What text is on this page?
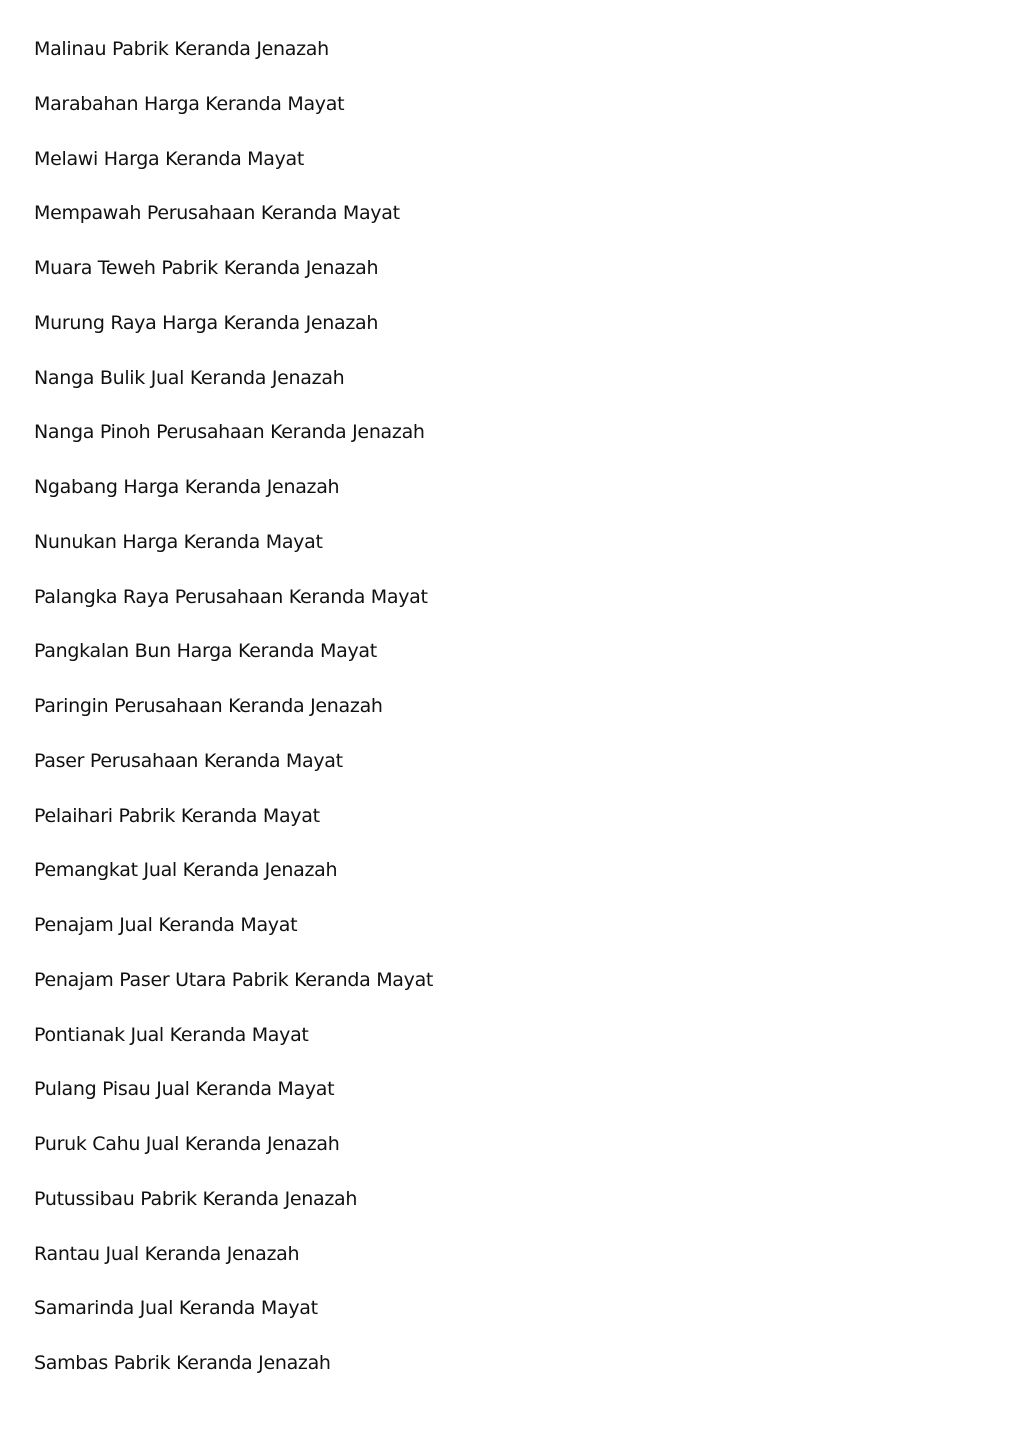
Malinau Pabrik Keranda Jenazah
Marabahan Harga Keranda Mayat
Melawi Harga Keranda Mayat
Mempawah Perusahaan Keranda Mayat
Muara Teweh Pabrik Keranda Jenazah
Murung Raya Harga Keranda Jenazah
Nanga Bulik Jual Keranda Jenazah
Nanga Pinoh Perusahaan Keranda Jenazah
Ngabang Harga Keranda Jenazah
Nunukan Harga Keranda Mayat
Palangka Raya Perusahaan Keranda Mayat
Pangkalan Bun Harga Keranda Mayat
Paringin Perusahaan Keranda Jenazah
Paser Perusahaan Keranda Mayat
Pelaihari Pabrik Keranda Mayat
Pemangkat Jual Keranda Jenazah
Penajam Jual Keranda Mayat
Penajam Paser Utara Pabrik Keranda Mayat
Pontianak Jual Keranda Mayat
Pulang Pisau Jual Keranda Mayat
Puruk Cahu Jual Keranda Jenazah
Putussibau Pabrik Keranda Jenazah
Rantau Jual Keranda Jenazah
Samarinda Jual Keranda Mayat
Sambas Pabrik Keranda Jenazah
